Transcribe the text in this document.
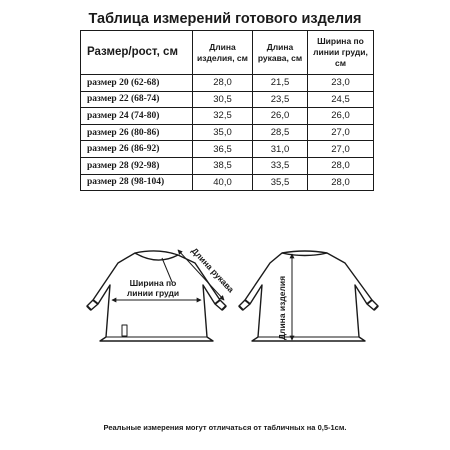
Таблица измерений готового изделия
Размер/рост, см	Длина изделия, см	Длина рукава, см	Ширина по линии груди, см
размер 20 (62-68)	28,0	21,5	23,0
размер 22 (68-74)	30,5	23,5	24,5
размер 24 (74-80)	32,5	26,0	26,0
размер 26 (80-86)	35,0	28,5	27,0
размер 26 (86-92)	36,5	31,0	27,0
размер 28 (92-98)	38,5	33,5	28,0
размер 28 (98-104)	40,0	35,5	28,0
Ширина по
линии груди Длина рукава
Длина изделия
Реальные измерения могут отличаться от табличных на 0,5-1см.
